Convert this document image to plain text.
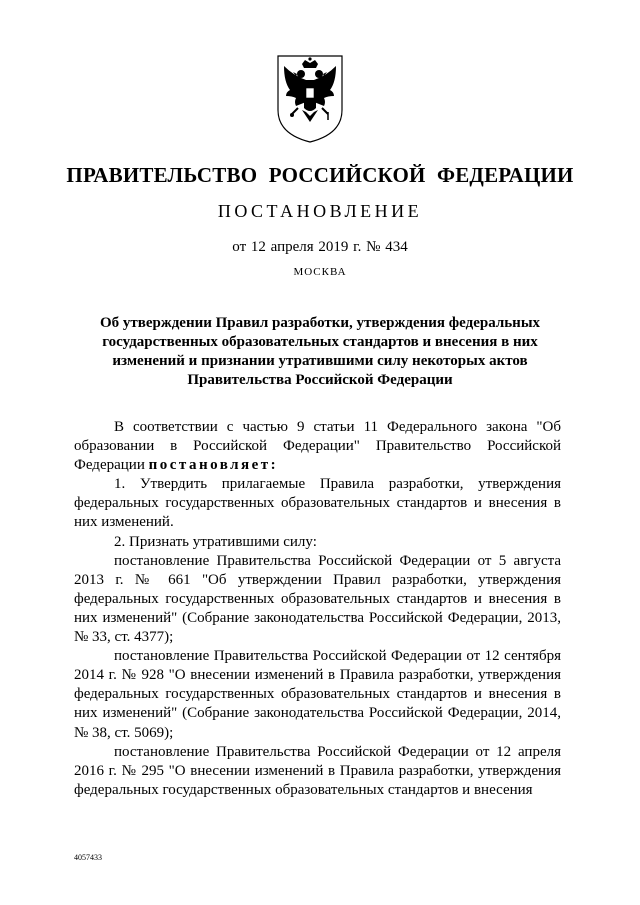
ПРАВИТЕЛЬСТВО РОССИЙСКОЙ ФЕДЕРАЦИИ
ПОСТАНОВЛЕНИЕ
от 12 апреля 2019 г. № 434
МОСКВА
Об утверждении Правил разработки, утверждения федеральных государственных образовательных стандартов и внесения в них изменений и признании утратившими силу некоторых актов Правительства Российской Федерации

В соответствии с частью 9 статьи 11 Федерального закона "Об образовании в Российской Федерации" Правительство Российской Федерации постановляет:

1. Утвердить прилагаемые Правила разработки, утверждения федеральных государственных образовательных стандартов и внесения в них изменений.

2. Признать утратившими силу:

постановление Правительства Российской Федерации от 5 августа 2013 г. № 661 "Об утверждении Правил разработки, утверждения федеральных государственных образовательных стандартов и внесения в них изменений" (Собрание законодательства Российской Федерации, 2013, № 33, ст. 4377);

постановление Правительства Российской Федерации от 12 сентября 2014 г. № 928 "О внесении изменений в Правила разработки, утверждения федеральных государственных образовательных стандартов и внесения в них изменений" (Собрание законодательства Российской Федерации, 2014, № 38, ст. 5069);

постановление Правительства Российской Федерации от 12 апреля 2016 г. № 295 "О внесении изменений в Правила разработки, утверждения федеральных государственных образовательных стандартов и внесения

4057433
